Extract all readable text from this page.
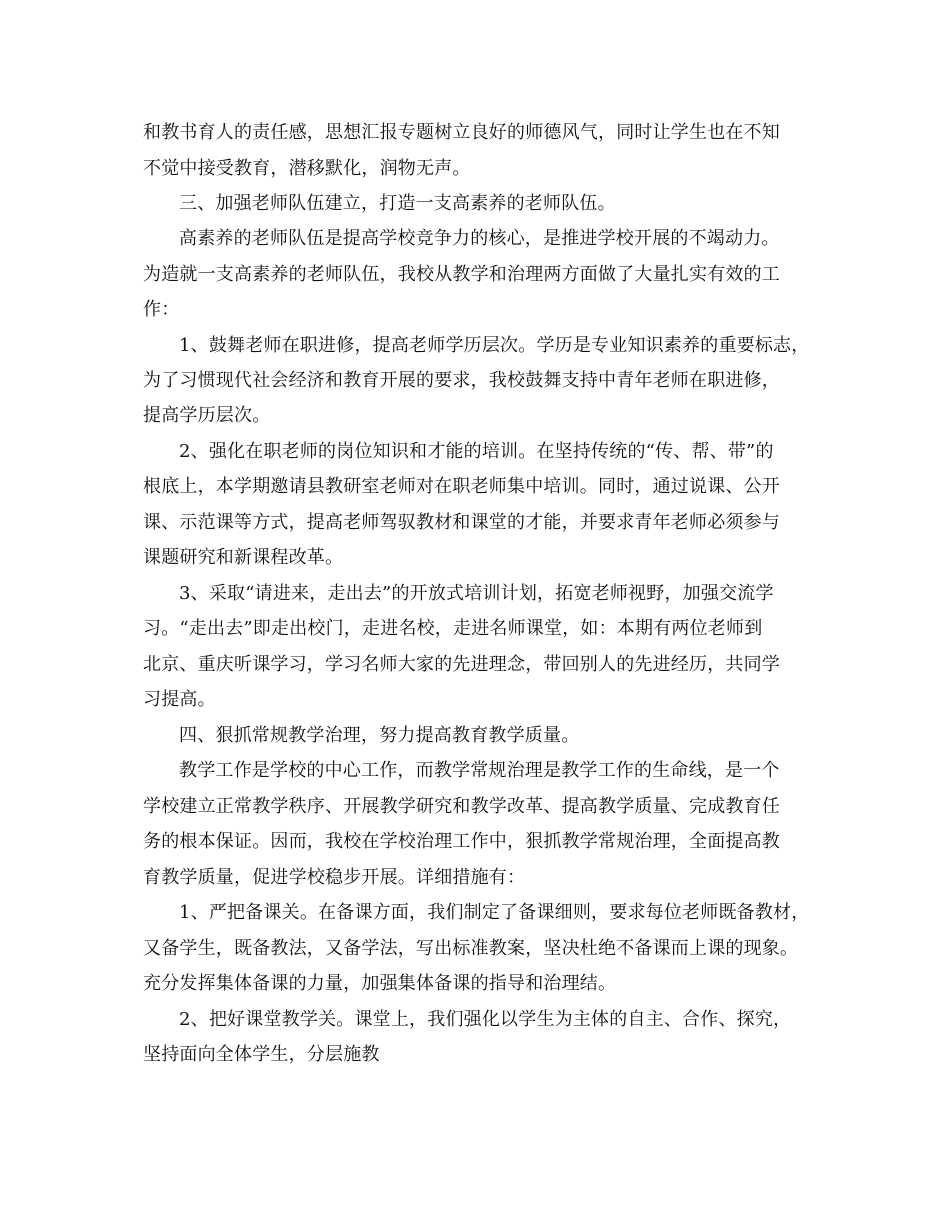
和教书育人的责任感，思想汇报专题树立良好的师德风气，同时让学生也在不知
不觉中接受教育，潜移默化，润物无声。
三、加强老师队伍建立，打造一支高素养的老师队伍。
高素养的老师队伍是提高学校竞争力的核心，是推进学校开展的不竭动力。
为造就一支高素养的老师队伍，我校从教学和治理两方面做了大量扎实有效的工
作：
1、鼓舞老师在职进修，提高老师学历层次。学历是专业知识素养的重要标志，
为了习惯现代社会经济和教育开展的要求，我校鼓舞支持中青年老师在职进修，
提高学历层次。
2、强化在职老师的岗位知识和才能的培训。在坚持传统的“传、帮、带”的
根底上，本学期邀请县教研室老师对在职老师集中培训。同时，通过说课、公开
课、示范课等方式，提高老师驾驭教材和课堂的才能，并要求青年老师必须参与
课题研究和新课程改革。
3、采取“请进来，走出去”的开放式培训计划，拓宽老师视野，加强交流学
习。“走出去”即走出校门，走进名校，走进名师课堂，如：本期有两位老师到
北京、重庆听课学习，学习名师大家的先进理念，带回别人的先进经历，共同学
习提高。
四、狠抓常规教学治理，努力提高教育教学质量。
教学工作是学校的中心工作，而教学常规治理是教学工作的生命线，是一个
学校建立正常教学秩序、开展教学研究和教学改革、提高教学质量、完成教育任
务的根本保证。因而，我校在学校治理工作中，狠抓教学常规治理，全面提高教
育教学质量，促进学校稳步开展。详细措施有：
1、严把备课关。在备课方面，我们制定了备课细则，要求每位老师既备教材，
又备学生，既备教法，又备学法，写出标准教案，坚决杜绝不备课而上课的现象。
充分发挥集体备课的力量，加强集体备课的指导和治理结。
2、把好课堂教学关。课堂上，我们强化以学生为主体的自主、合作、探究，
坚持面向全体学生，分层施教
